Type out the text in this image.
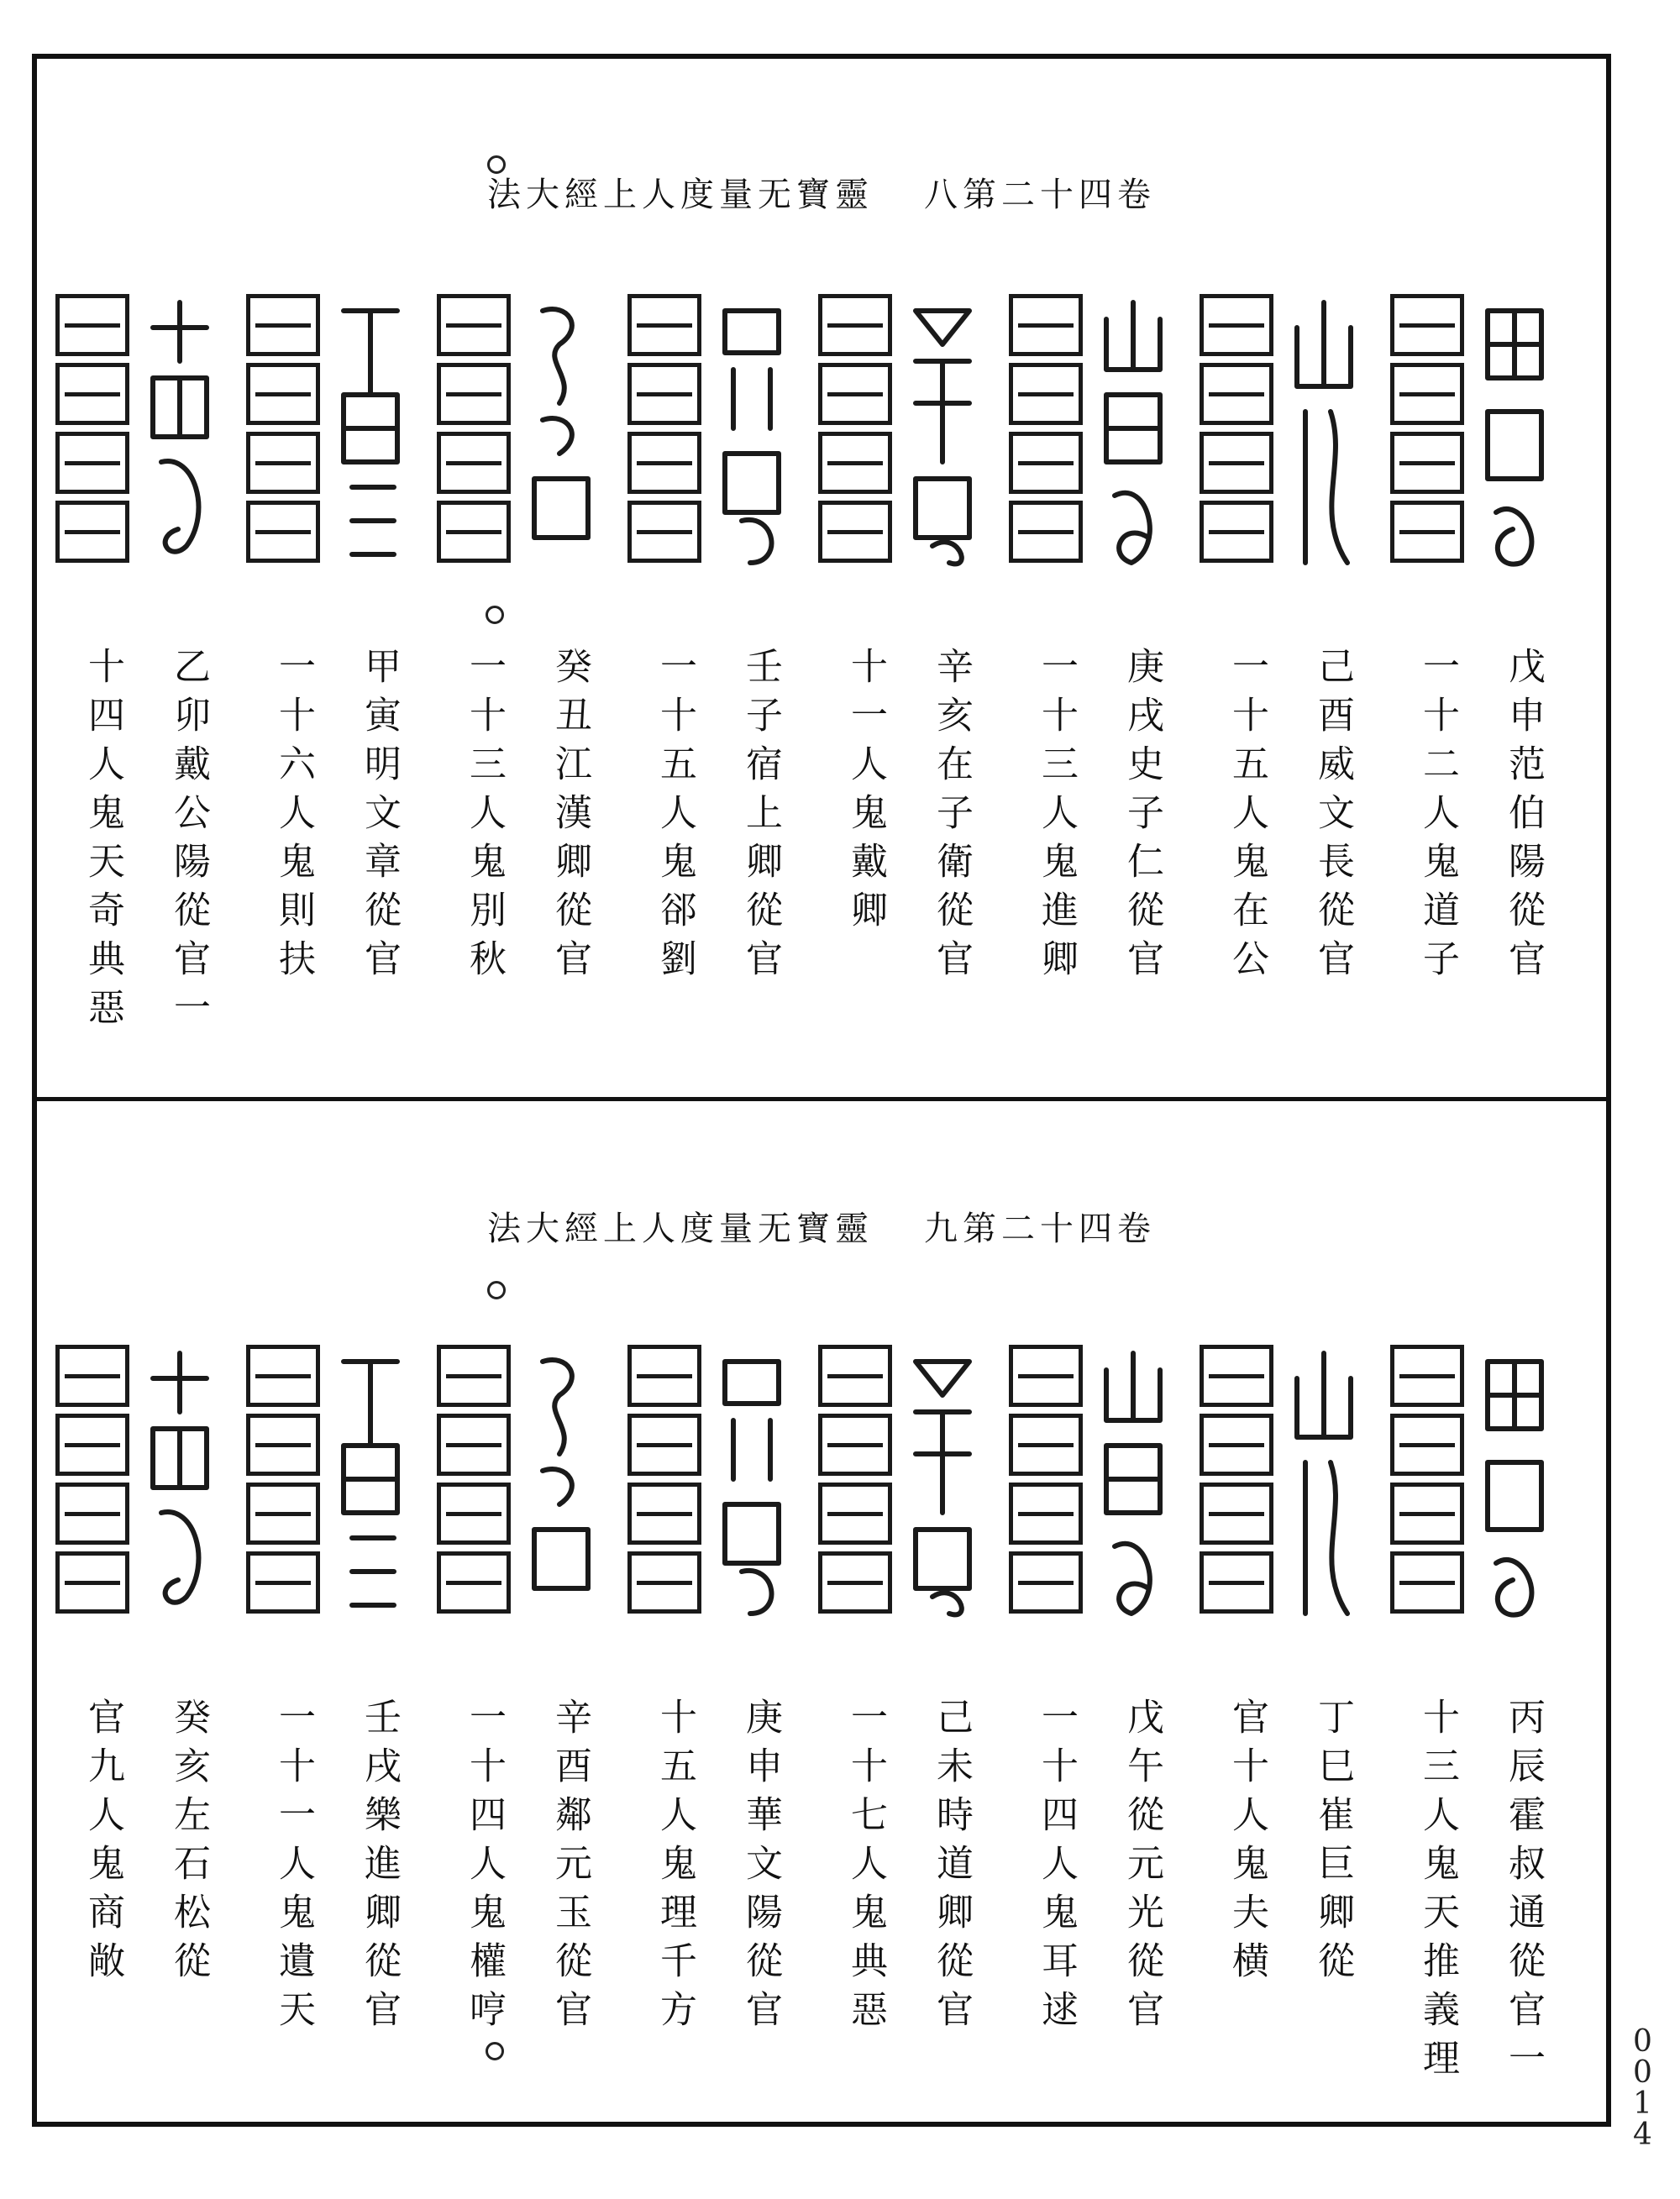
卷四十二第八靈寶无量度人上經大法
戊申范伯陽從官
一十二人鬼道子
己酉威文長從官
一十五人鬼在公
庚戌史子仁從官
一十三人鬼進卿
辛亥在子衛從官
十一人鬼戴卿
壬子宿上卿從官
一十五人鬼郤劉
癸丑江漢卿從官
一十三人鬼別秋
甲寅明文章從官
一十六人鬼則扶
乙卯戴公陽從官一
十四人鬼天奇典惡
卷四十二第九靈寶无量度人上經大法
丙辰霍叔通從官一
十三人鬼天推義理
丁巳崔巨卿從
官十人鬼夫横
戊午從元光從官
一十四人鬼耳逑
己未時道卿從官
一十七人鬼典惡
庚申華文陽從官
十五人鬼理千方
辛酉鄰元玉從官
一十四人鬼權哼
壬戌樂進卿從官
一十一人鬼遺天
癸亥左石松從
官九人鬼商敞
0014
